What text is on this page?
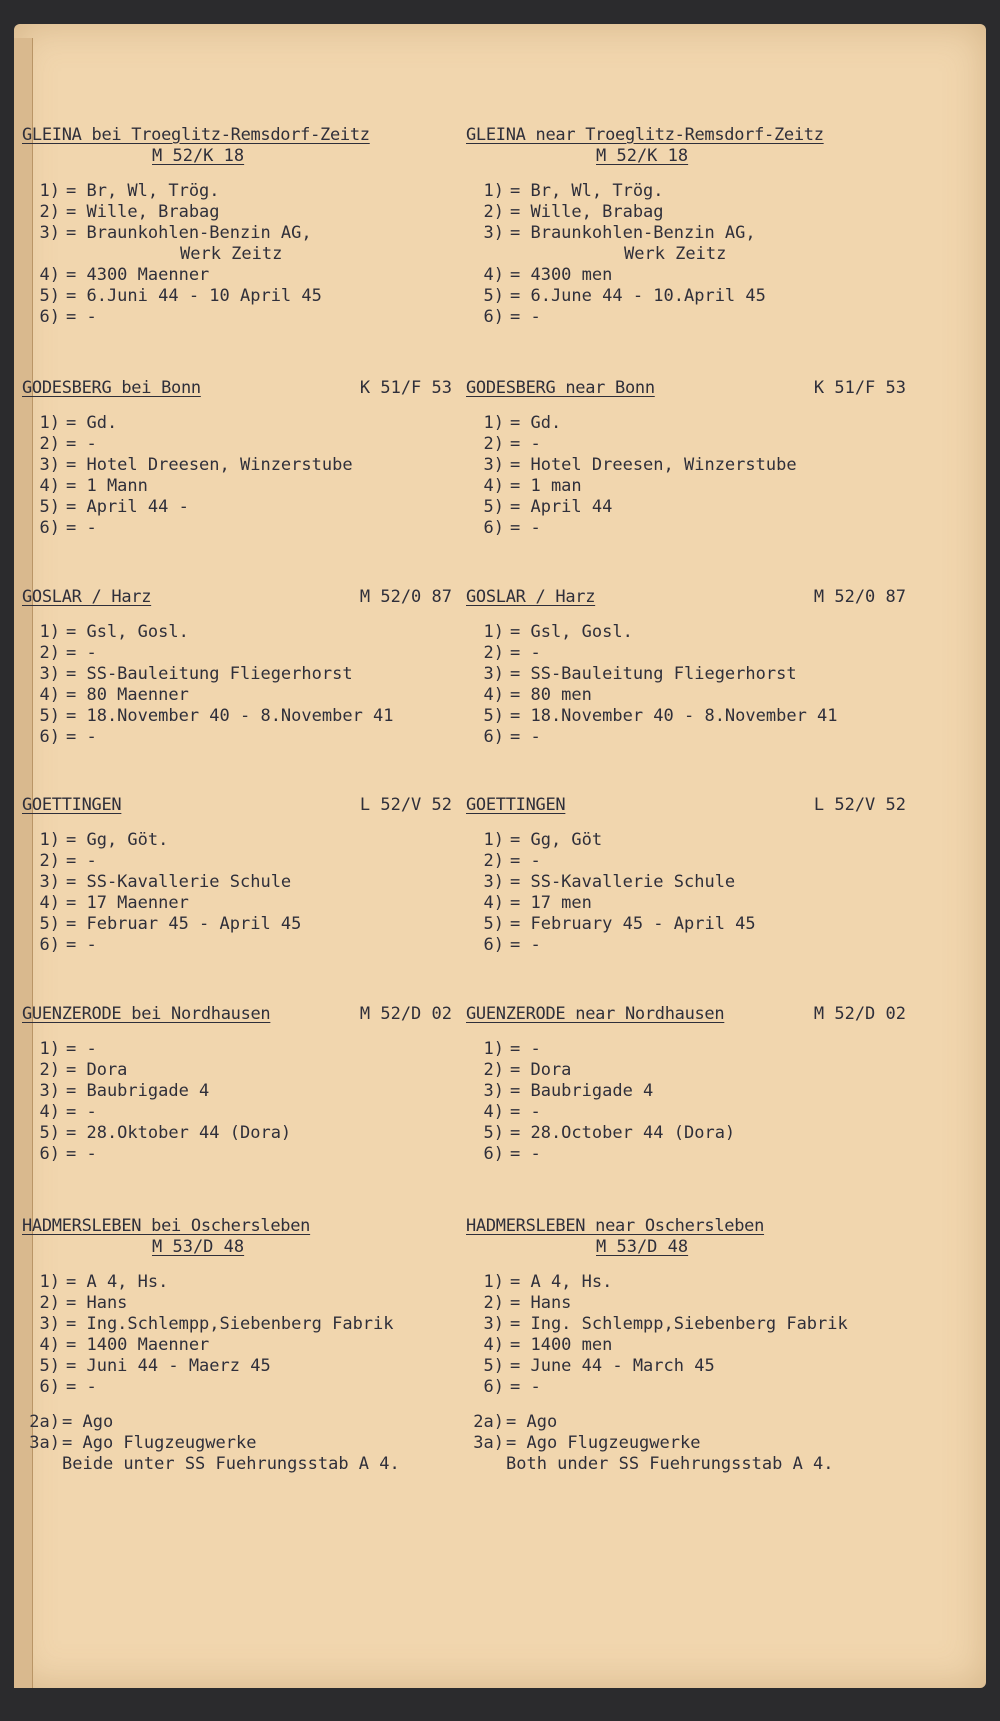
GLEINA bei Troeglitz-Remsdorf-Zeitz
M 52/K 18
1) = Br, Wl, Trög.
2) = Wille, Brabag
3) = Braunkohlen-Benzin AG,
Werk Zeitz
4) = 4300 Maenner
5) = 6.Juni 44 - 10 April 45
6) = -
GLEINA near Troeglitz-Remsdorf-Zeitz
M 52/K 18
1) = Br, Wl, Trög.
2) = Wille, Brabag
3) = Braunkohlen-Benzin AG,
Werk Zeitz
4) = 4300 men
5) = 6.June 44 - 10.April 45
6) = -
GODESBERG bei Bonn	K 51/F 53
1) = Gd.
2) = -
3) = Hotel Dreesen, Winzerstube
4) = 1 Mann
5) = April 44 -
6) = -
GODESBERG near Bonn	K 51/F 53
1) = Gd.
2) = -
3) = Hotel Dreesen, Winzerstube
4) = 1 man
5) = April 44
6) = -
GOSLAR / Harz	M 52/0 87
1) = Gsl, Gosl.
2) = -
3) = SS-Bauleitung Fliegerhorst
4) = 80 Maenner
5) = 18.November 40 - 8.November 41
6) = -
GOSLAR / Harz	M 52/0 87
1) = Gsl, Gosl.
2) = -
3) = SS-Bauleitung Fliegerhorst
4) = 80 men
5) = 18.November 40 - 8.November 41
6) = -
GOETTINGEN	L 52/V 52
1) = Gg, Göt.
2) = -
3) = SS-Kavallerie Schule
4) = 17 Maenner
5) = Februar 45 - April 45
6) = -
GOETTINGEN	L 52/V 52
1) = Gg, Göt
2) = -
3) = SS-Kavallerie Schule
4) = 17 men
5) = February 45 - April 45
6) = -
GUENZERODE bei Nordhausen	M 52/D 02
1) = -
2) = Dora
3) = Baubrigade 4
4) = -
5) = 28.Oktober 44 (Dora)
6) = -
GUENZERODE near Nordhausen	M 52/D 02
1) = -
2) = Dora
3) = Baubrigade 4
4) = -
5) = 28.October 44 (Dora)
6) = -
HADMERSLEBEN bei Oschersleben
M 53/D 48
1) = A 4, Hs.
2) = Hans
3) = Ing.Schlempp,Siebenberg Fabrik
4) = 1400 Maenner
5) = Juni 44 - Maerz 45
6) = -
2a) = Ago
3a) = Ago Flugzeugwerke
Beide unter SS Fuehrungsstab A 4.
HADMERSLEBEN near Oschersleben
M 53/D 48
1) = A 4, Hs.
2) = Hans
3) = Ing. Schlempp,Siebenberg Fabrik
4) = 1400 men
5) = June 44 - March 45
6) = -
2a) = Ago
3a) = Ago Flugzeugwerke
Both under SS Fuehrungsstab A 4.
